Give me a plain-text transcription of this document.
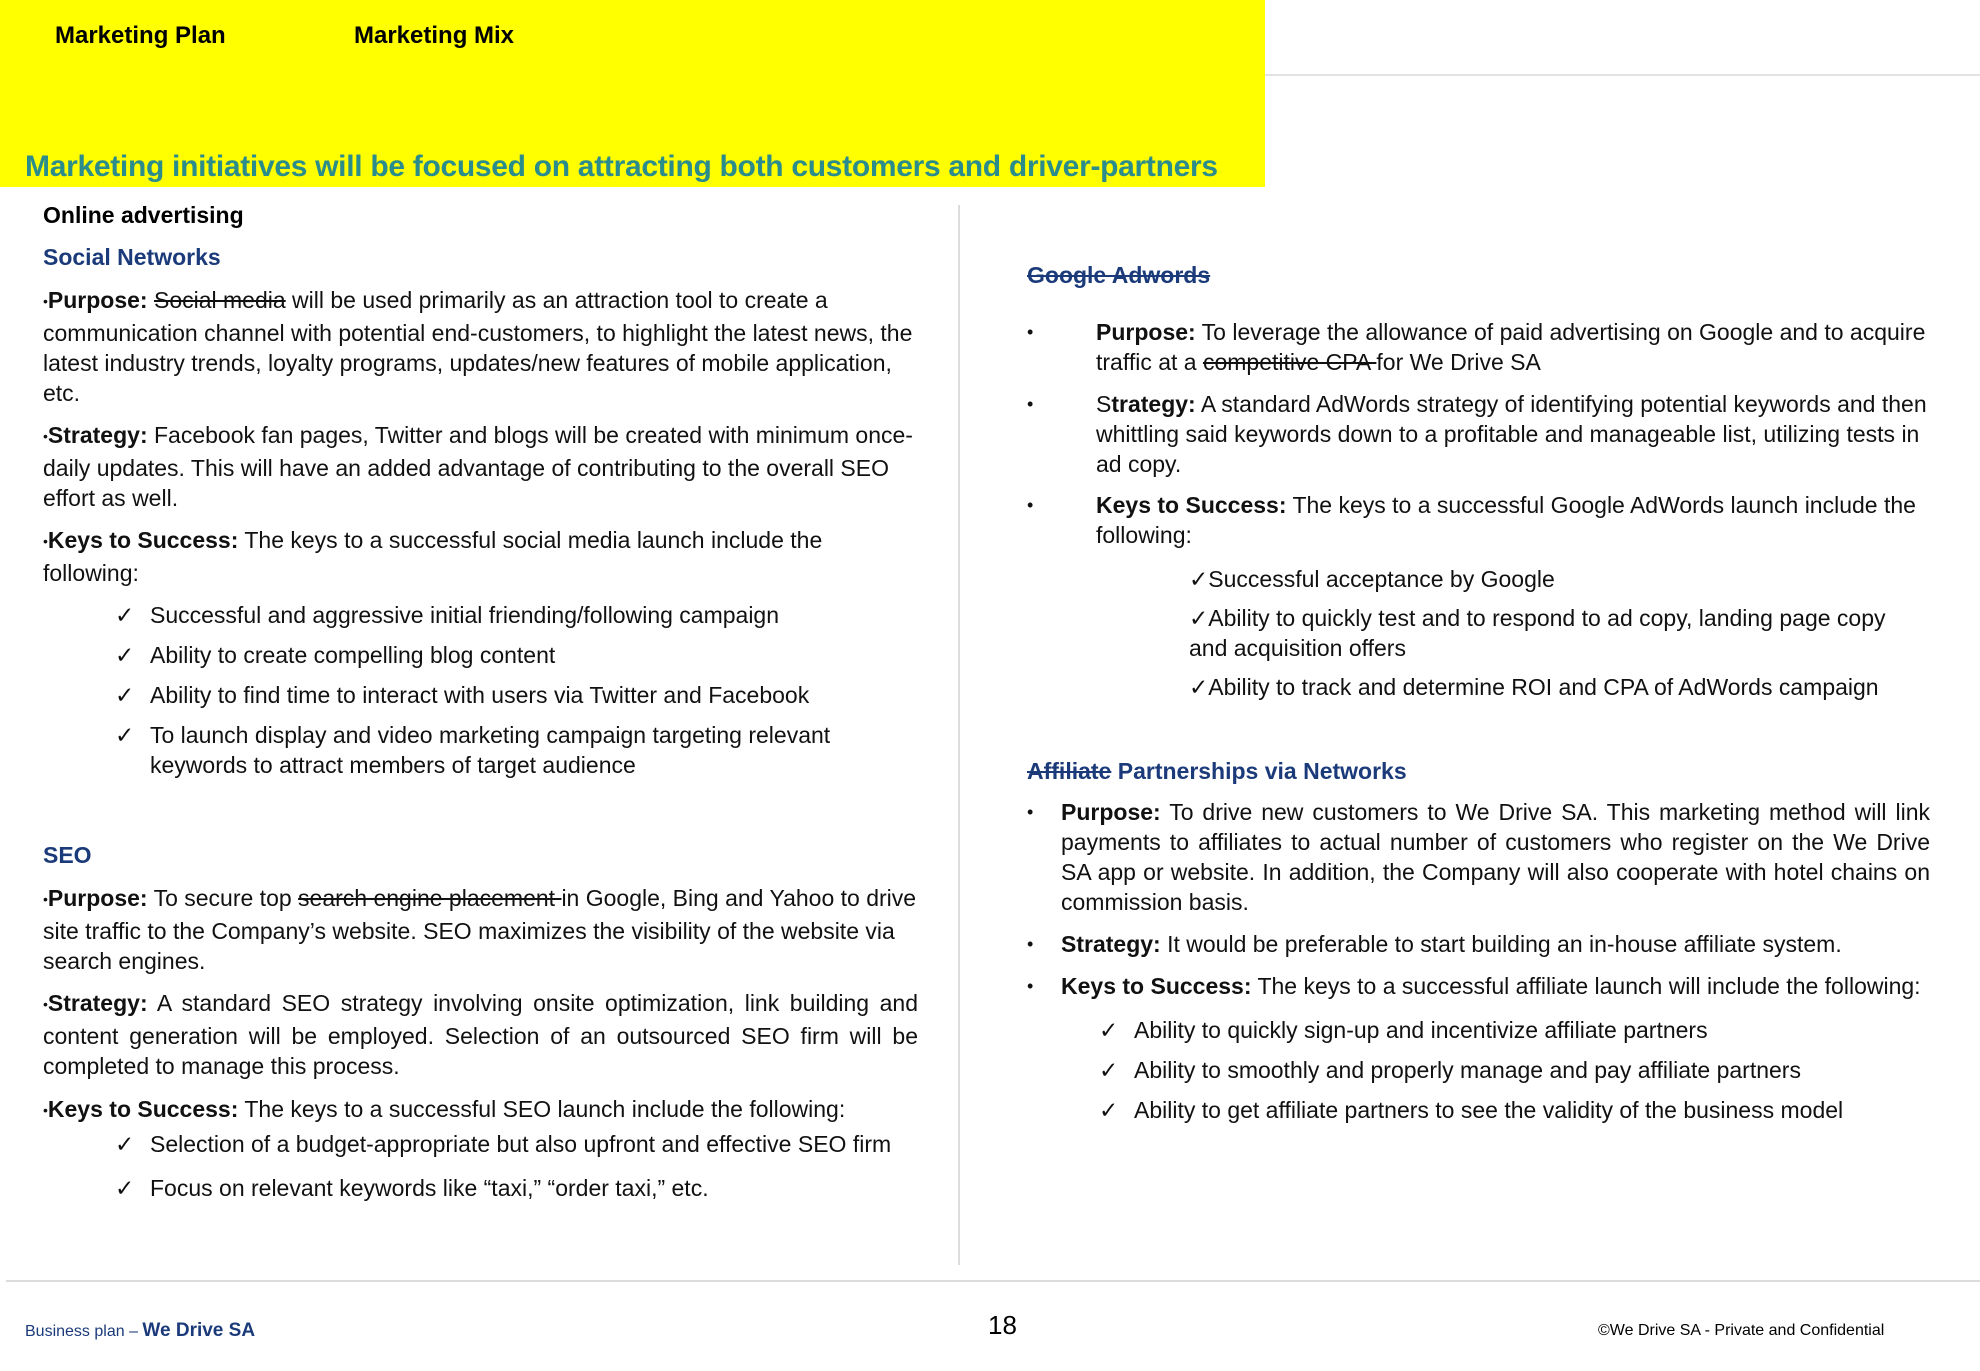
Marketing Plan	Marketing Mix
Marketing initiatives will be focused on attracting both customers and driver-partners
Online advertising
Social Networks

• Purpose: Social media will be used primarily as an attraction tool to create a communication channel with potential end-customers, to highlight the latest news, the latest industry trends, loyalty programs, updates/new features of mobile application, etc.

• Strategy: Facebook fan pages, Twitter and blogs will be created with minimum once-daily updates. This will have an added advantage of contributing to the overall SEO effort as well.

• Keys to Success: The keys to a successful social media launch include the following:

✓ Successful and aggressive initial friending/following campaign
✓ Ability to create compelling blog content
✓ Ability to find time to interact with users via Twitter and Facebook
✓ To launch display and video marketing campaign targeting relevant keywords to attract members of target audience
SEO

• Purpose: To secure top search engine placement in Google, Bing and Yahoo to drive site traffic to the Company’s website. SEO maximizes the visibility of the website via search engines.

• Strategy: A standard SEO strategy involving onsite optimization, link building and content generation will be employed. Selection of an outsourced SEO firm will be completed to manage this process.

• Keys to Success: The keys to a successful SEO launch include the following:

✓ Selection of a budget-appropriate but also upfront and effective SEO firm
✓ Focus on relevant keywords like “taxi,” “order taxi,” etc.
Google Adwords

• Purpose: To leverage the allowance of paid advertising on Google and to acquire traffic at a competitive CPA for We Drive SA

• Strategy: A standard AdWords strategy of identifying potential keywords and then whittling said keywords down to a profitable and manageable list, utilizing tests in ad copy.

• Keys to Success: The keys to a successful Google AdWords launch include the following:

✓ Successful acceptance by Google
✓ Ability to quickly test and to respond to ad copy, landing page copy and acquisition offers
✓ Ability to track and determine ROI and CPA of AdWords campaign
Affiliate Partnerships via Networks

• Purpose: To drive new customers to We Drive SA. This marketing method will link payments to affiliates to actual number of customers who register on the We Drive SA app or website. In addition, the Company will also cooperate with hotel chains on commission basis.

• Strategy: It would be preferable to start building an in-house affiliate system.

• Keys to Success: The keys to a successful affiliate launch will include the following:

✓ Ability to quickly sign-up and incentivize affiliate partners
✓ Ability to smoothly and properly manage and pay affiliate partners
✓ Ability to get affiliate partners to see the validity of the business model
Business plan – We Drive SA	18	©We Drive SA - Private and Confidential
